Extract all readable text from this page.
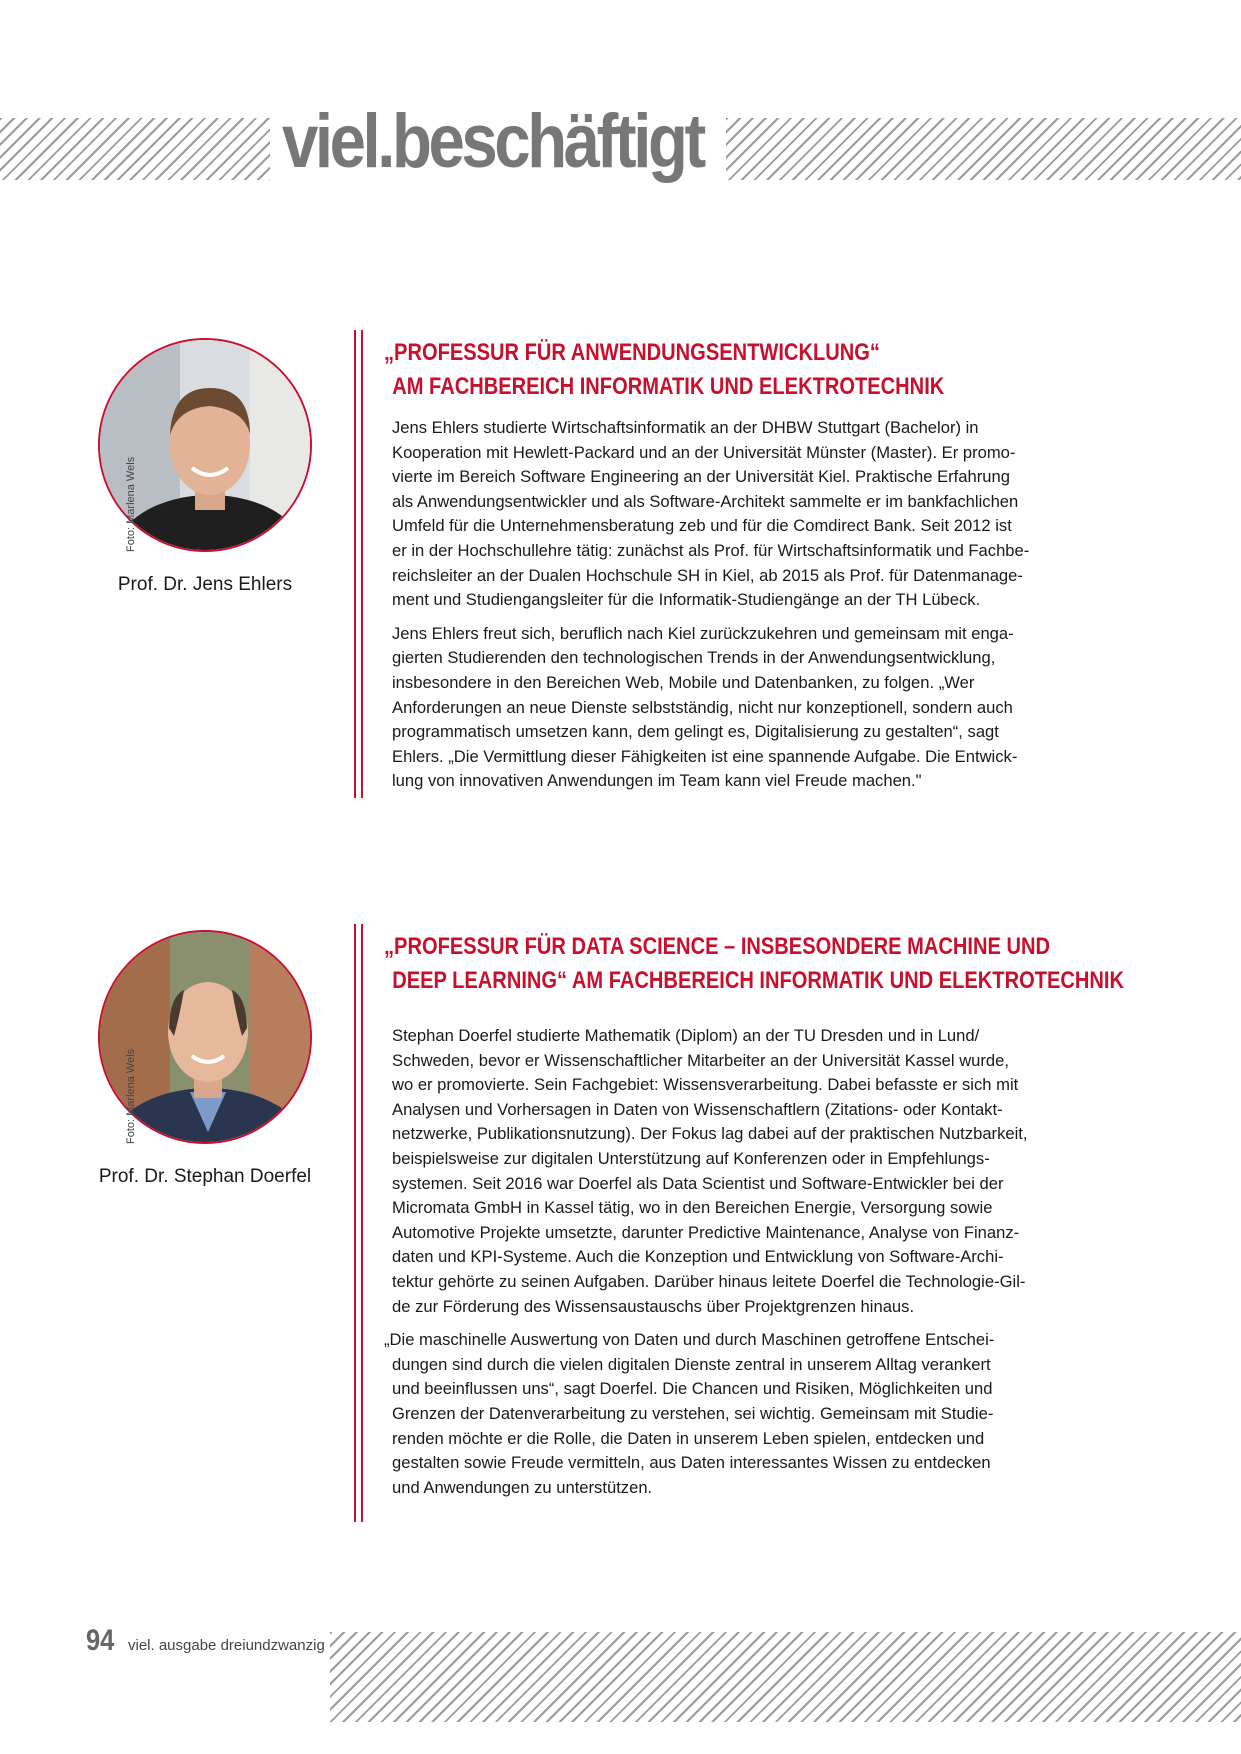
viel.beschäftigt
Foto: Marlena Wels
Prof. Dr. Jens Ehlers
„PROFESSUR FÜR ANWENDUNGSENTWICKLUNG“
AM FACHBEREICH INFORMATIK UND ELEKTROTECHNIK

Jens Ehlers studierte Wirtschaftsinformatik an der DHBW Stuttgart (Bachelor) in
Kooperation mit Hewlett-Packard und an der Universität Münster (Master). Er promo-
vierte im Bereich Software Engineering an der Universität Kiel. Praktische Erfahrung
als Anwendungsentwickler und als Software-Architekt sammelte er im bankfachlichen
Umfeld für die Unternehmensberatung zeb und für die Comdirect Bank. Seit 2012 ist
er in der Hochschullehre tätig: zunächst als Prof. für Wirtschaftsinformatik und Fachbe-
reichsleiter an der Dualen Hochschule SH in Kiel, ab 2015 als Prof. für Datenmanage-
ment und Studiengangsleiter für die Informatik-Studiengänge an der TH Lübeck.

Jens Ehlers freut sich, beruflich nach Kiel zurückzukehren und gemeinsam mit enga-
gierten Studierenden den technologischen Trends in der Anwendungsentwicklung,
insbesondere in den Bereichen Web, Mobile und Datenbanken, zu folgen. „Wer
Anforderungen an neue Dienste selbstständig, nicht nur konzeptionell, sondern auch
programmatisch umsetzen kann, dem gelingt es, Digitalisierung zu gestalten“, sagt
Ehlers. „Die Vermittlung dieser Fähigkeiten ist eine spannende Aufgabe. Die Entwick-
lung von innovativen Anwendungen im Team kann viel Freude machen."

Foto: Marlena Wels
Prof. Dr. Stephan Doerfel
„PROFESSUR FÜR DATA SCIENCE – INSBESONDERE MACHINE UND
DEEP LEARNING“ AM FACHBEREICH INFORMATIK UND ELEKTROTECHNIK

Stephan Doerfel studierte Mathematik (Diplom) an der TU Dresden und in Lund/
Schweden, bevor er Wissenschaftlicher Mitarbeiter an der Universität Kassel wurde,
wo er promovierte. Sein Fachgebiet: Wissensverarbeitung. Dabei befasste er sich mit
Analysen und Vorhersagen in Daten von Wissenschaftlern (Zitations- oder Kontakt-
netzwerke, Publikationsnutzung). Der Fokus lag dabei auf der praktischen Nutzbarkeit,
beispielsweise zur digitalen Unterstützung auf Konferenzen oder in Empfehlungs-
systemen. Seit 2016 war Doerfel als Data Scientist und Software-Entwickler bei der
Micromata GmbH in Kassel tätig, wo in den Bereichen Energie, Versorgung sowie
Automotive Projekte umsetzte, darunter Predictive Maintenance, Analyse von Finanz-
daten und KPI-Systeme. Auch die Konzeption und Entwicklung von Software-Archi-
tektur gehörte zu seinen Aufgaben. Darüber hinaus leitete Doerfel die Technologie-Gil-
de zur Förderung des Wissensaustauschs über Projektgrenzen hinaus.

„Die maschinelle Auswertung von Daten und durch Maschinen getroffene Entschei-
dungen sind durch die vielen digitalen Dienste zentral in unserem Alltag verankert
und beeinflussen uns“, sagt Doerfel. Die Chancen und Risiken, Möglichkeiten und
Grenzen der Datenverarbeitung zu verstehen, sei wichtig. Gemeinsam mit Studie-
renden möchte er die Rolle, die Daten in unserem Leben spielen, entdecken und
gestalten sowie Freude vermitteln, aus Daten interessantes Wissen zu entdecken
und Anwendungen zu unterstützen.

94 viel. ausgabe dreiundzwanzig
